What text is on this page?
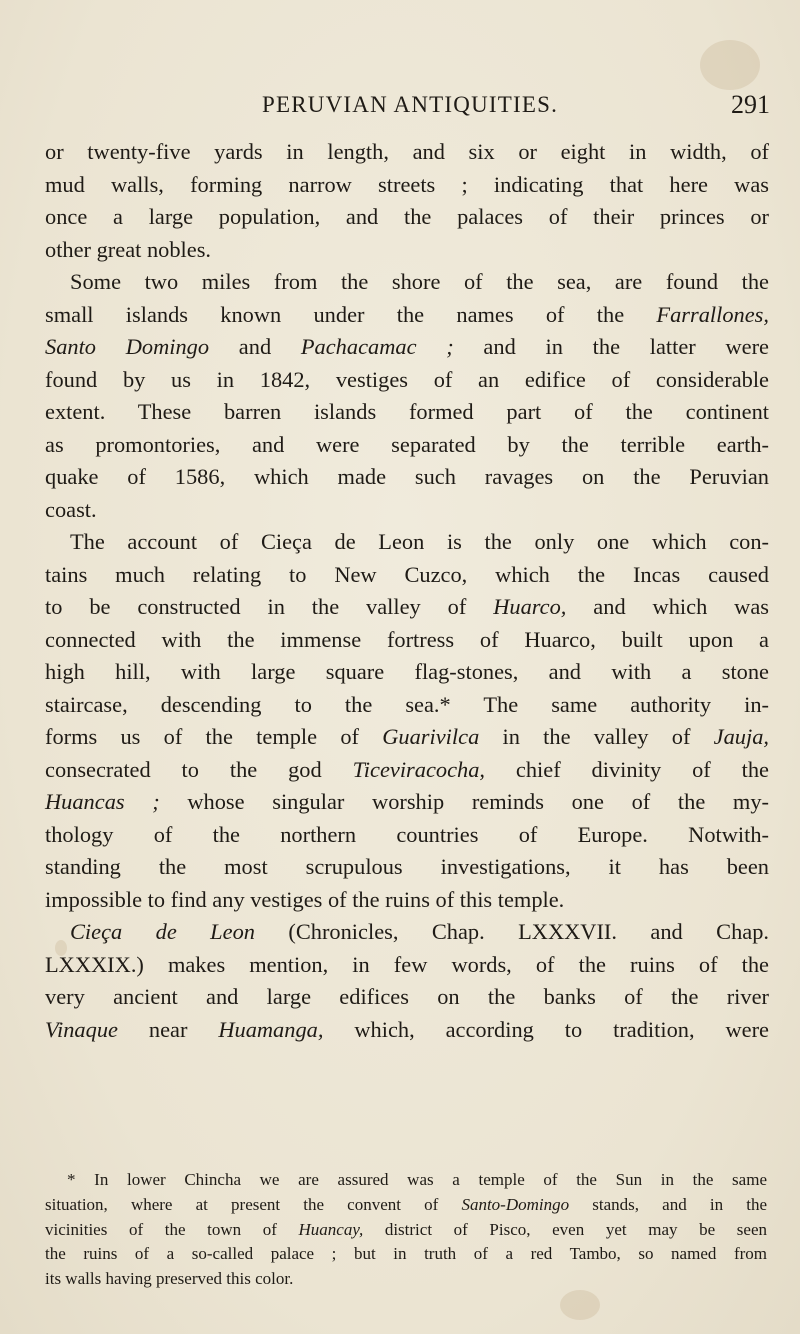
PERUVIAN ANTIQUITIES.	291
or twenty-five yards in length, and six or eight in width, of
mud walls, forming narrow streets ; indicating that here was
once a large population, and the palaces of their princes or
other great nobles.
Some two miles from the shore of the sea, are found the
small islands known under the names of the Farrallones,
Santo Domingo and Pachacamac ; and in the latter were
found by us in 1842, vestiges of an edifice of considerable
extent. These barren islands formed part of the continent
as promontories, and were separated by the terrible earth-
quake of 1586, which made such ravages on the Peruvian
coast.
The account of Cieça de Leon is the only one which con-
tains much relating to New Cuzco, which the Incas caused
to be constructed in the valley of Huarco, and which was
connected with the immense fortress of Huarco, built upon a
high hill, with large square flag-stones, and with a stone
staircase, descending to the sea.* The same authority in-
forms us of the temple of Guarivilca in the valley of Jauja,
consecrated to the god Ticeviracocha, chief divinity of the
Huancas ; whose singular worship reminds one of the my-
thology of the northern countries of Europe. Notwith-
standing the most scrupulous investigations, it has been
impossible to find any vestiges of the ruins of this temple.
Cieça de Leon (Chronicles, Chap. LXXXVII. and Chap.
LXXXIX.) makes mention, in few words, of the ruins of the
very ancient and large edifices on the banks of the river
Vinaque near Huamanga, which, according to tradition, were
* In lower Chincha we are assured was a temple of the Sun in the same
situation, where at present the convent of Santo-Domingo stands, and in the
vicinities of the town of Huancay, district of Pisco, even yet may be seen
the ruins of a so-called palace ; but in truth of a red Tambo, so named from
its walls having preserved this color.
